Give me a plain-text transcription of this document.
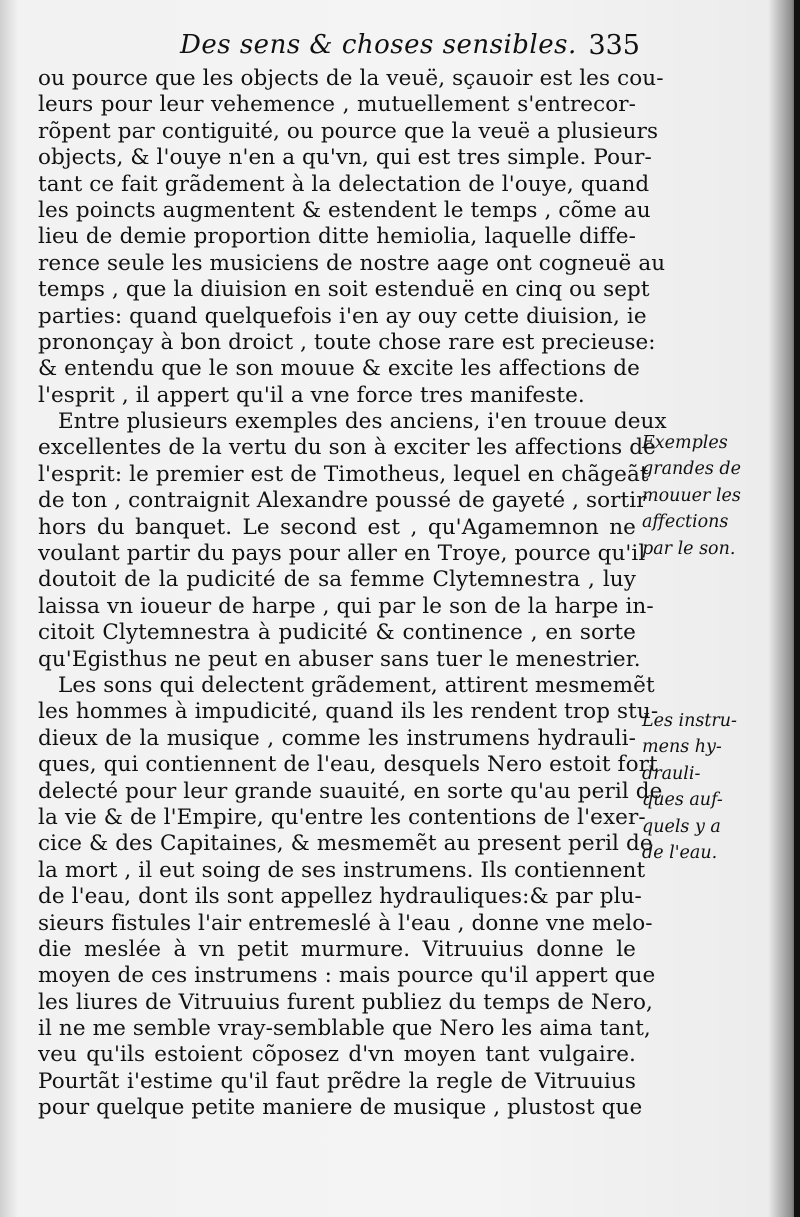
Des sens & choses sensibles. 335
ou pource que les objects de la veuë, sçauoir est les cou-
leurs pour leur vehemence , mutuellement s'entrecor-
rõpent par contiguité, ou pource que la veuë a plusieurs
objects, & l'ouye n'en a qu'vn, qui est tres simple. Pour-
tant ce fait grãdement à la delectation de l'ouye, quand
les poincts augmentent & estendent le temps , cõme au
lieu de demie proportion ditte hemiolia, laquelle diffe-
rence seule les musiciens de nostre aage ont cogneuë au
temps , que la diuision en soit estenduë en cinq ou sept
parties: quand quelquefois i'en ay ouy cette diuision, ie
prononçay à bon droict , toute chose rare est precieuse:
& entendu que le son mouue & excite les affections de
l'esprit , il appert qu'il a vne force tres manifeste.
Entre plusieurs exemples des anciens, i'en trouue deux
excellentes de la vertu du son à exciter les affections de
l'esprit: le premier est de Timotheus, lequel en chãgeãt
de ton , contraignit Alexandre poussé de gayeté , sortir
hors du banquet. Le second est , qu'Agamemnon ne
voulant partir du pays pour aller en Troye, pource qu'il
doutoit de la pudicité de sa femme Clytemnestra , luy
laissa vn ioueur de harpe , qui par le son de la harpe in-
citoit Clytemnestra à pudicité & continence , en sorte
qu'Egisthus ne peut en abuser sans tuer le menestrier.
Les sons qui delectent grãdement, attirent mesmemẽt
les hommes à impudicité, quand ils les rendent trop stu-
dieux de la musique , comme les instrumens hydrauli-
ques, qui contiennent de l'eau, desquels Nero estoit fort
delecté pour leur grande suauité, en sorte qu'au peril de
la vie & de l'Empire, qu'entre les contentions de l'exer-
cice & des Capitaines, & mesmemẽt au present peril de
la mort , il eut soing de ses instrumens. Ils contiennent
de l'eau, dont ils sont appellez hydrauliques:& par plu-
sieurs fistules l'air entremeslé à l'eau , donne vne melo-
die meslée à vn petit murmure. Vitruuius donne le
moyen de ces instrumens : mais pource qu'il appert que
les liures de Vitruuius furent publiez du temps de Nero,
il ne me semble vray-semblable que Nero les aima tant,
veu qu'ils estoient cõposez d'vn moyen tant vulgaire.
Pourtãt i'estime qu'il faut prẽdre la regle de Vitruuius
pour quelque petite maniere de musique , plustost que
Exemples
grandes de
mouuer les
affections
par le son.
Les instru-
mens hy-
drauli-
ques auf-
quels y a
de l'eau.
